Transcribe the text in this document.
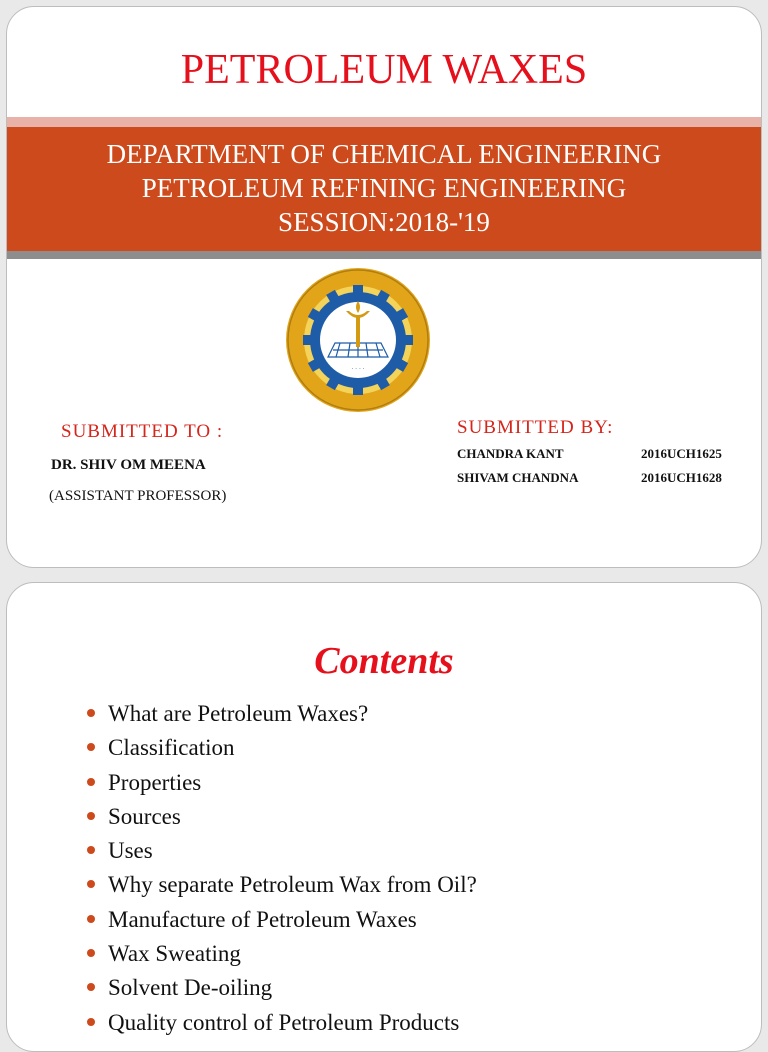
PETROLEUM WAXES
DEPARTMENT OF CHEMICAL ENGINEERING
PETROLEUM REFINING ENGINEERING
SESSION:2018-'19
· · · ·
SUBMITTED TO :
DR. SHIV OM MEENA
(ASSISTANT PROFESSOR)
SUBMITTED BY:
CHANDRA KANT	2016UCH1625
SHIVAM CHANDNA	2016UCH1628
Contents
What are Petroleum Waxes?
Classification
Properties
Sources
Uses
Why separate Petroleum Wax from Oil?
Manufacture of Petroleum Waxes
Wax Sweating
Solvent De-oiling
Quality control of Petroleum Products
